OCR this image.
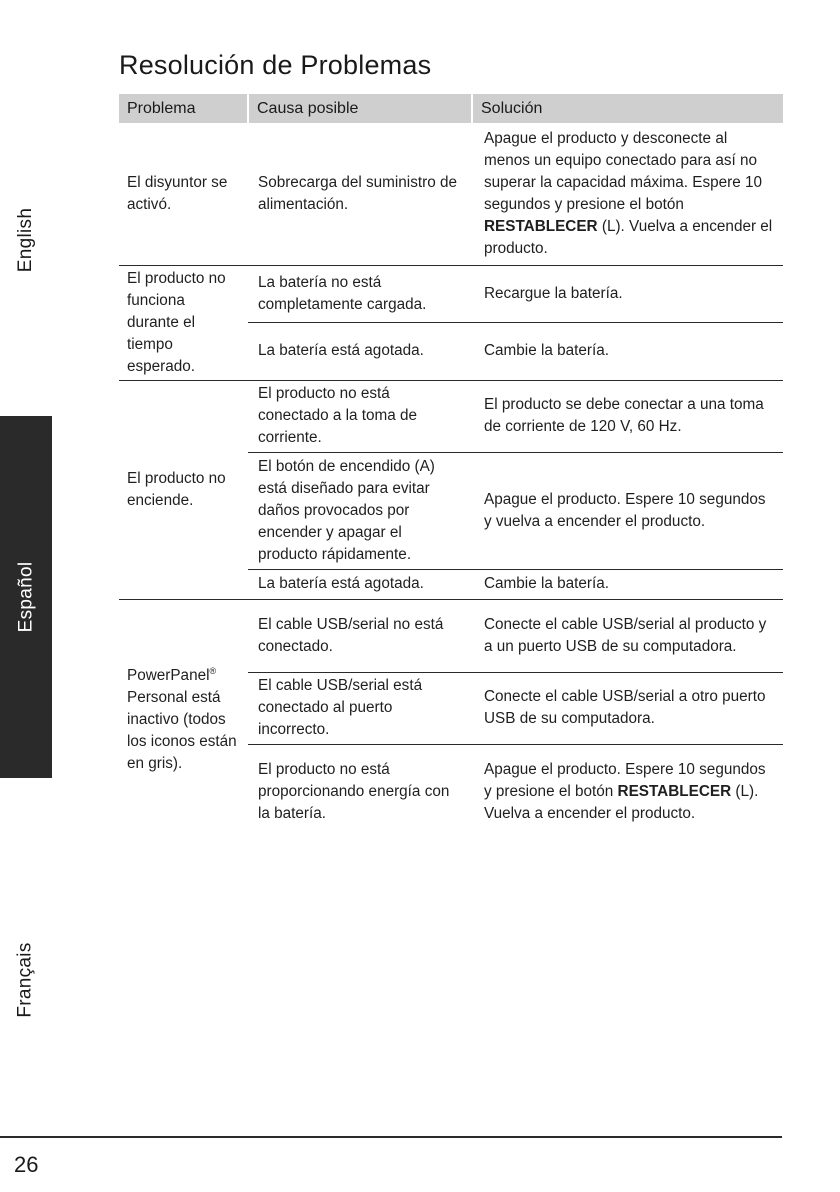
English
Español
Français
Resolución de Problemas
Problema	Causa posible	Solución
El disyuntor se activó.	Sobrecarga del suministro de alimentación.	Apague el producto y desconecte al menos un equipo conectado para así no superar la capacidad máxima. Espere 10 segundos y presione el botón RESTABLECER (L). Vuelva a encender el producto.
El producto no funciona durante el tiempo esperado.	La batería no está completamente cargada.	Recargue la batería.
	La batería está agotada.	Cambie la batería.
El producto no enciende.	El producto no está conectado a la toma de corriente.	El producto se debe conectar a una toma de corriente de 120 V, 60 Hz.
	El botón de encendido (A) está diseñado para evitar daños provocados por encender y apagar el producto rápidamente.	Apague el producto. Espere 10 segundos y vuelva a encender el producto.
	La batería está agotada.	Cambie la batería.
PowerPanel® Personal está inactivo (todos los iconos están en gris).	El cable USB/serial no está conectado.	Conecte el cable USB/serial al producto y a un puerto USB de su computadora.
	El cable USB/serial está conectado al puerto incorrecto.	Conecte el cable USB/serial a otro puerto USB de su computadora.
	El producto no está proporcionando energía con la batería.	Apague el producto. Espere 10 segundos y presione el botón RESTABLECER (L). Vuelva a encender el producto.
26
